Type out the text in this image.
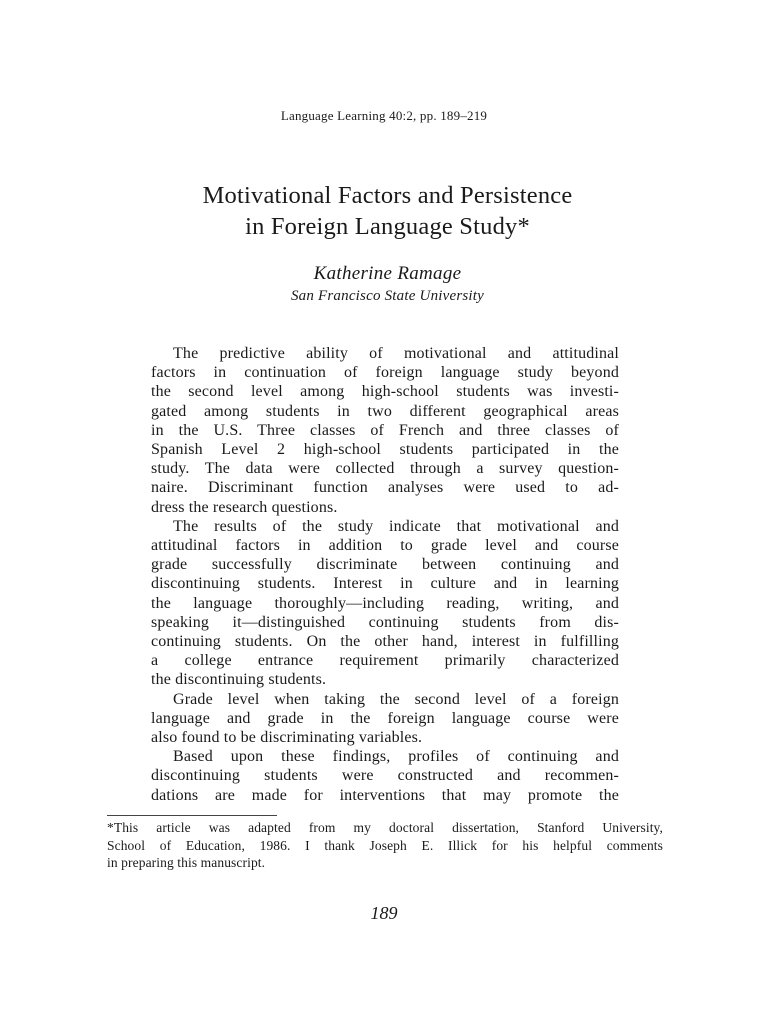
Language Learning 40:2, pp. 189–219
Motivational Factors and Persistence
in Foreign Language Study*
Katherine Ramage
San Francisco State University
The predictive ability of motivational and attitudinal
factors in continuation of foreign language study beyond
the second level among high-school students was investi-
gated among students in two different geographical areas
in the U.S. Three classes of French and three classes of
Spanish Level 2 high-school students participated in the
study. The data were collected through a survey question-
naire. Discriminant function analyses were used to ad-
dress the research questions.
The results of the study indicate that motivational and
attitudinal factors in addition to grade level and course
grade successfully discriminate between continuing and
discontinuing students. Interest in culture and in learning
the language thoroughly—including reading, writing, and
speaking it—distinguished continuing students from dis-
continuing students. On the other hand, interest in fulfilling
a college entrance requirement primarily characterized
the discontinuing students.
Grade level when taking the second level of a foreign
language and grade in the foreign language course were
also found to be discriminating variables.
Based upon these findings, profiles of continuing and
discontinuing students were constructed and recommen-
dations are made for interventions that may promote the
*This article was adapted from my doctoral dissertation, Stanford University,
School of Education, 1986. I thank Joseph E. Illick for his helpful comments
in preparing this manuscript.
189
